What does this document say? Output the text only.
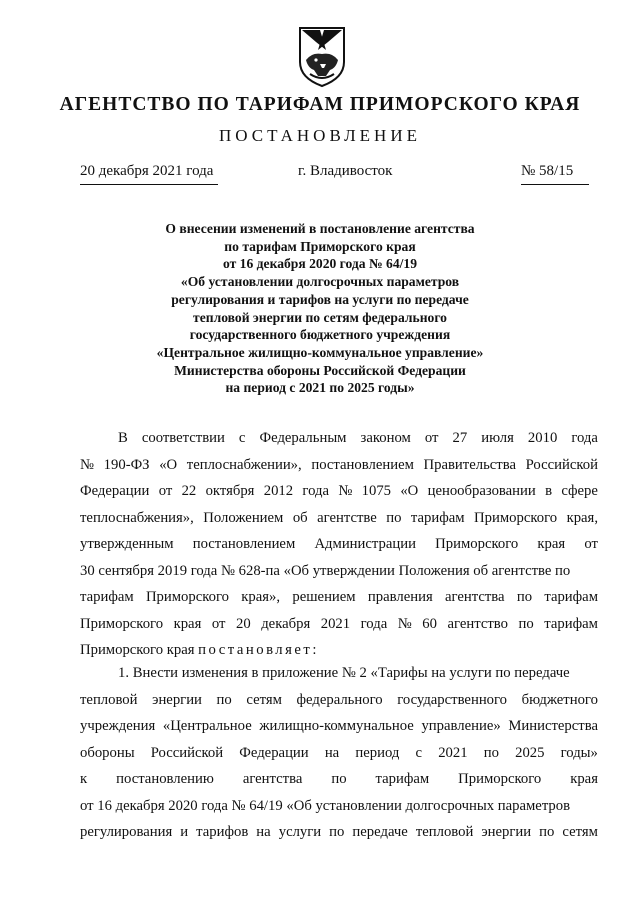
АГЕНТСТВО ПО ТАРИФАМ ПРИМОРСКОГО КРАЯ
ПОСТАНОВЛЕНИЕ
20 декабря 2021 года	г. Владивосток	№ 58/15
О внесении изменений в постановление агентства
по тарифам Приморского края
от 16 декабря 2020 года № 64/19
«Об установлении долгосрочных параметров
регулирования и тарифов на услуги по передаче
тепловой энергии по сетям федерального
государственного бюджетного учреждения
«Центральное жилищно-коммунальное управление»
Министерства обороны Российской Федерации
на период с 2021 по 2025 годы»
В соответствии с Федеральным законом от 27 июля 2010 года
№ 190-ФЗ «О теплоснабжении», постановлением Правительства Российской
Федерации от 22 октября 2012 года № 1075 «О ценообразовании в сфере
теплоснабжения», Положением об агентстве по тарифам Приморского края,
утвержденным постановлением Администрации Приморского края от
30 сентября 2019 года № 628-па «Об утверждении Положения об агентстве по
тарифам Приморского края», решением правления агентства по тарифам
Приморского края от 20 декабря 2021 года № 60 агентство по тарифам
Приморского края постановляет:
1. Внести изменения в приложение № 2 «Тарифы на услуги по передаче
тепловой энергии по сетям федерального государственного бюджетного
учреждения «Центральное жилищно-коммунальное управление» Министерства
обороны Российской Федерации на период с 2021 по 2025 годы»
к постановлению агентства по тарифам Приморского края
от 16 декабря 2020 года № 64/19 «Об установлении долгосрочных параметров
регулирования и тарифов на услуги по передаче тепловой энергии по сетям
